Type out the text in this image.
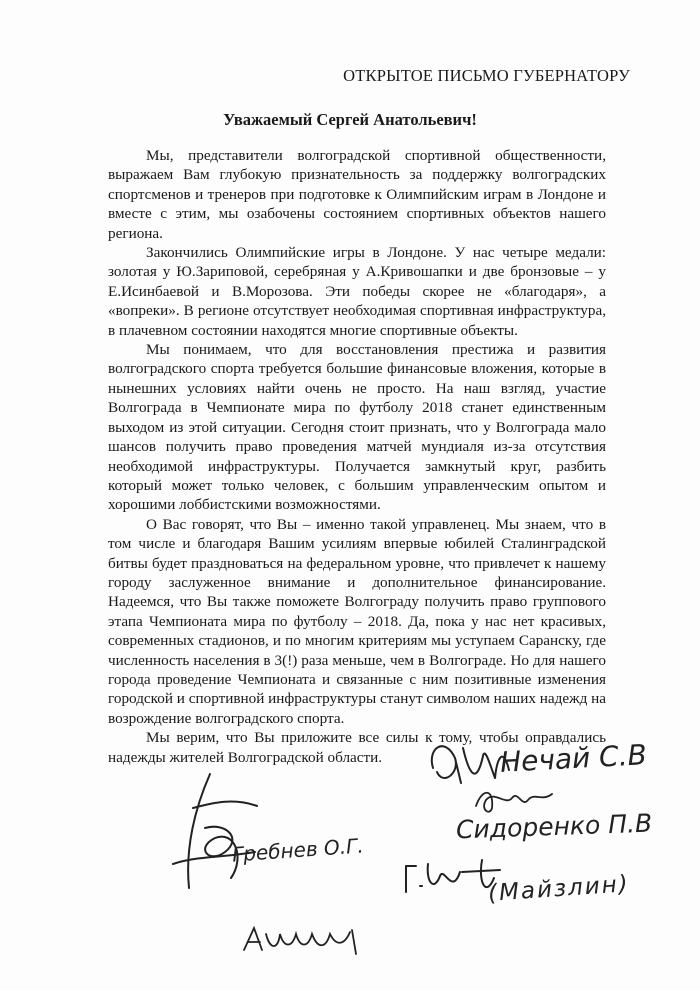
ОТКРЫТОЕ ПИСЬМО ГУБЕРНАТОРУ
Уважаемый Сергей Анатольевич!

Мы, представители волгоградской спортивной общественности, выражаем Вам глубокую признательность за поддержку волгоградских спортсменов и тренеров при подготовке к Олимпийским играм в Лондоне и вместе с этим, мы озабочены состоянием спортивных объектов нашего региона.

Закончились Олимпийские игры в Лондоне. У нас четыре медали: золотая у Ю.Зариповой, серебряная у А.Кривошапки и две бронзовые – у Е.Исинбаевой и В.Морозова. Эти победы скорее не «благодаря», а «вопреки». В регионе отсутствует необходимая спортивная инфраструктура, в плачевном состоянии находятся многие спортивные объекты.

Мы понимаем, что для восстановления престижа и развития волгоградского спорта требуется большие финансовые вложения, которые в нынешних условиях найти очень не просто. На наш взгляд, участие Волгограда в Чемпионате мира по футболу 2018 станет единственным выходом из этой ситуации. Сегодня стоит признать, что у Волгограда мало шансов получить право проведения матчей мундиаля из-за отсутствия необходимой инфраструктуры. Получается замкнутый круг, разбить который может только человек, с большим управленческим опытом и хорошими лоббистскими возможностями.

О Вас говорят, что Вы – именно такой управленец. Мы знаем, что в том числе и благодаря Вашим усилиям впервые юбилей Сталинградской битвы будет праздноваться на федеральном уровне, что привлечет к нашему городу заслуженное внимание и дополнительное финансирование. Надеемся, что Вы также поможете Волгограду получить право группового этапа Чемпионата мира по футболу – 2018. Да, пока у нас нет красивых, современных стадионов, и по многим критериям мы уступаем Саранску, где численность населения в 3(!) раза меньше, чем в Волгограде. Но для нашего города проведение Чемпионата и связанные с ним позитивные изменения городской и спортивной инфраструктуры станут символом наших надежд на возрождение волгоградского спорта.

Мы верим, что Вы приложите все силы к тому, чтобы оправдались надежды жителей Волгоградской области.	Нечай С.В
Сидоренко П.В
Гребнев О.Г.
(Майзлин)
